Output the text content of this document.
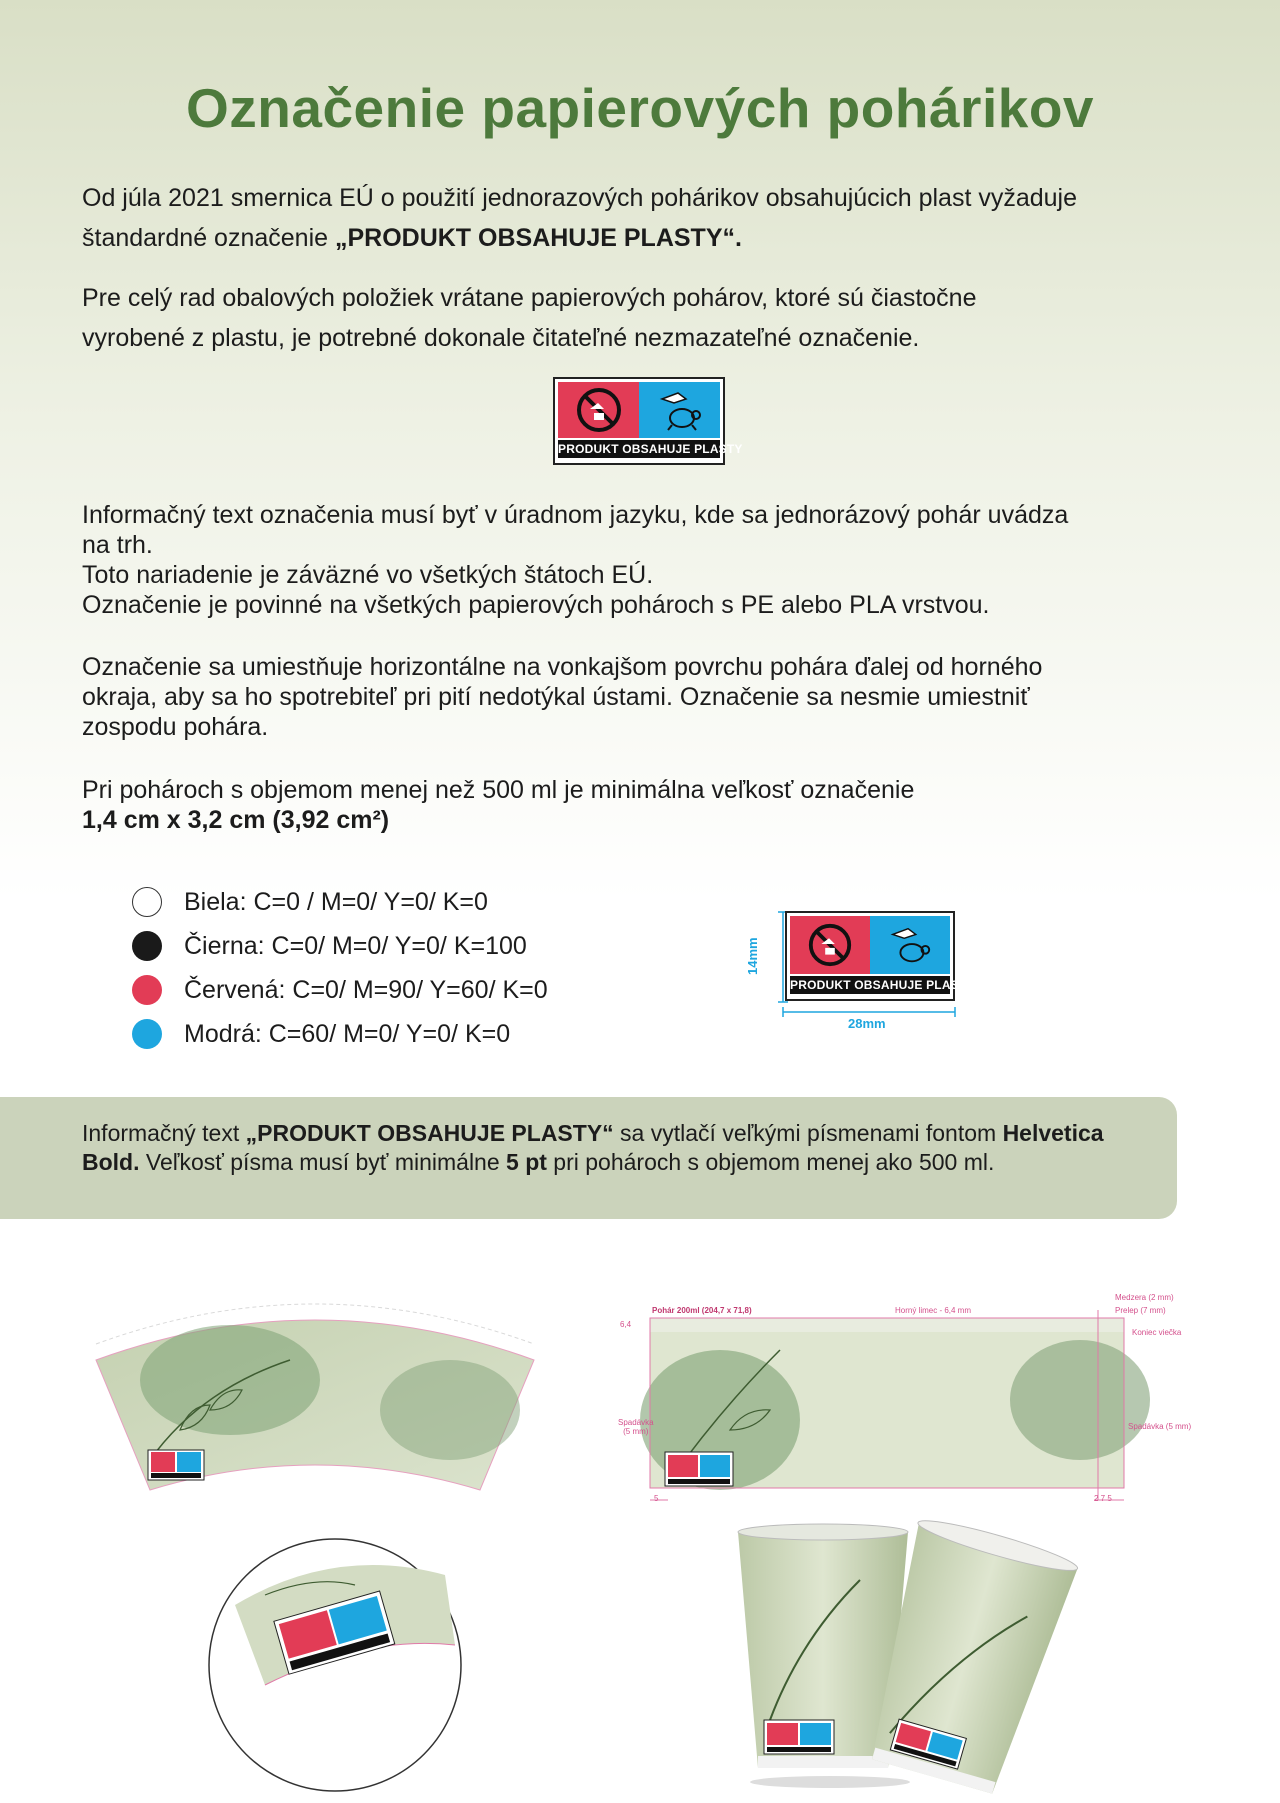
Označenie papierových pohárikov

Od júla 2021 smernica EÚ o použití jednorazových pohárikov obsahujúcich plast vyžaduje
štandardné označenie „PRODUKT OBSAHUJE PLASTY“.

Pre celý rad obalových položiek vrátane papierových pohárov, ktoré sú čiastočne
vyrobené z plastu, je potrebné dokonale čitateľné nezmazateľné označenie.

PRODUKT OBSAHUJE PLASTY

Informačný text označenia musí byť v úradnom jazyku, kde sa jednorázový pohár uvádza
na trh.
Toto nariadenie je záväzné vo všetkých štátoch EÚ.
Označenie je povinné na všetkých papierových pohároch s PE alebo PLA vrstvou.

Označenie sa umiestňuje horizontálne na vonkajšom povrchu pohára ďalej od horného
okraja, aby sa ho spotrebiteľ pri pití nedotýkal ústami. Označenie sa nesmie umiestniť
zospodu pohára.

Pri pohároch s objemom menej než 500 ml je minimálna veľkosť označenie
1,4 cm x 3,2 cm (3,92 cm²)

Biela: C=0 / M=0/ Y=0/ K=0
Čierna: C=0/ M=0/ Y=0/ K=100
Červená: C=0/ M=90/ Y=60/ K=0
Modrá: C=60/ M=0/ Y=0/ K=0
PRODUKT OBSAHUJE PLASTY
14mm
28mm

Informačný text „PRODUKT OBSAHUJE PLASTY“ sa vytlačí veľkými písmenami fontom Helvetica Bold. Veľkosť písma musí byť minimálne 5 pt pri pohároch s objemom menej ako 500 ml.

Pohár 200ml (204,7 x 71,8)	Horný limec - 6,4 mm
Medzera (2 mm)
Prelep (7 mm)
Koniec viečka
Spadávka
(5 mm)
Spadávka (5 mm)
6,4
5	2 7 5
